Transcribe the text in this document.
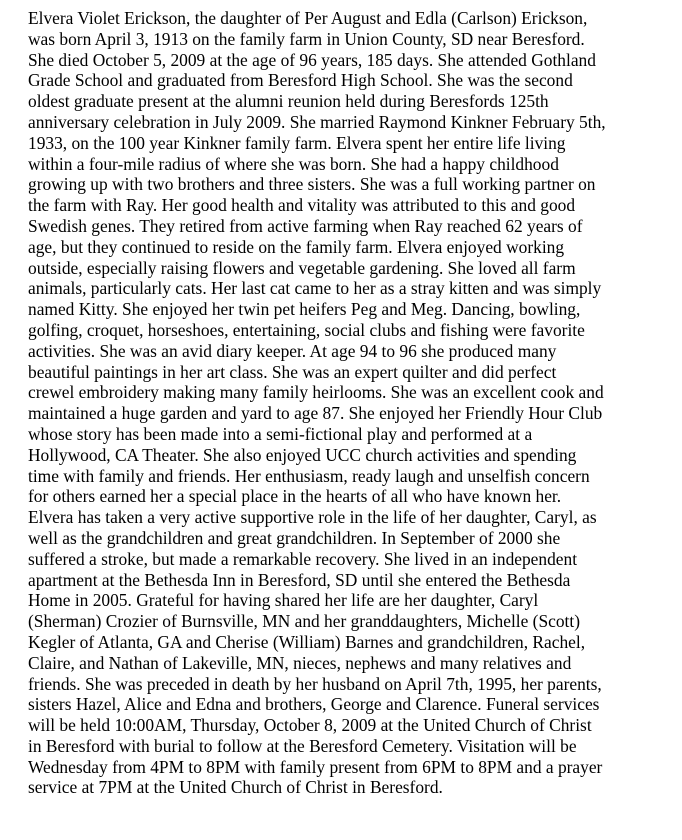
Elvera Violet Erickson, the daughter of Per August and Edla (Carlson) Erickson,
was born April 3, 1913 on the family farm in Union County, SD near Beresford.
She died October 5, 2009 at the age of 96 years, 185 days. She attended Gothland
Grade School and graduated from Beresford High School. She was the second
oldest graduate present at the alumni reunion held during Beresfords 125th
anniversary celebration in July 2009. She married Raymond Kinkner February 5th,
1933, on the 100 year Kinkner family farm. Elvera spent her entire life living
within a four-mile radius of where she was born. She had a happy childhood
growing up with two brothers and three sisters. She was a full working partner on
the farm with Ray. Her good health and vitality was attributed to this and good
Swedish genes. They retired from active farming when Ray reached 62 years of
age, but they continued to reside on the family farm. Elvera enjoyed working
outside, especially raising flowers and vegetable gardening. She loved all farm
animals, particularly cats. Her last cat came to her as a stray kitten and was simply
named Kitty. She enjoyed her twin pet heifers Peg and Meg. Dancing, bowling,
golfing, croquet, horseshoes, entertaining, social clubs and fishing were favorite
activities. She was an avid diary keeper. At age 94 to 96 she produced many
beautiful paintings in her art class. She was an expert quilter and did perfect
crewel embroidery making many family heirlooms. She was an excellent cook and
maintained a huge garden and yard to age 87. She enjoyed her Friendly Hour Club
whose story has been made into a semi-fictional play and performed at a
Hollywood, CA Theater. She also enjoyed UCC church activities and spending
time with family and friends. Her enthusiasm, ready laugh and unselfish concern
for others earned her a special place in the hearts of all who have known her.
Elvera has taken a very active supportive role in the life of her daughter, Caryl, as
well as the grandchildren and great grandchildren. In September of 2000 she
suffered a stroke, but made a remarkable recovery. She lived in an independent
apartment at the Bethesda Inn in Beresford, SD until she entered the Bethesda
Home in 2005. Grateful for having shared her life are her daughter, Caryl
(Sherman) Crozier of Burnsville, MN and her granddaughters, Michelle (Scott)
Kegler of Atlanta, GA and Cherise (William) Barnes and grandchildren, Rachel,
Claire, and Nathan of Lakeville, MN, nieces, nephews and many relatives and
friends. She was preceded in death by her husband on April 7th, 1995, her parents,
sisters Hazel, Alice and Edna and brothers, George and Clarence. Funeral services
will be held 10:00AM, Thursday, October 8, 2009 at the United Church of Christ
in Beresford with burial to follow at the Beresford Cemetery. Visitation will be
Wednesday from 4PM to 8PM with family present from 6PM to 8PM and a prayer
service at 7PM at the United Church of Christ in Beresford.
